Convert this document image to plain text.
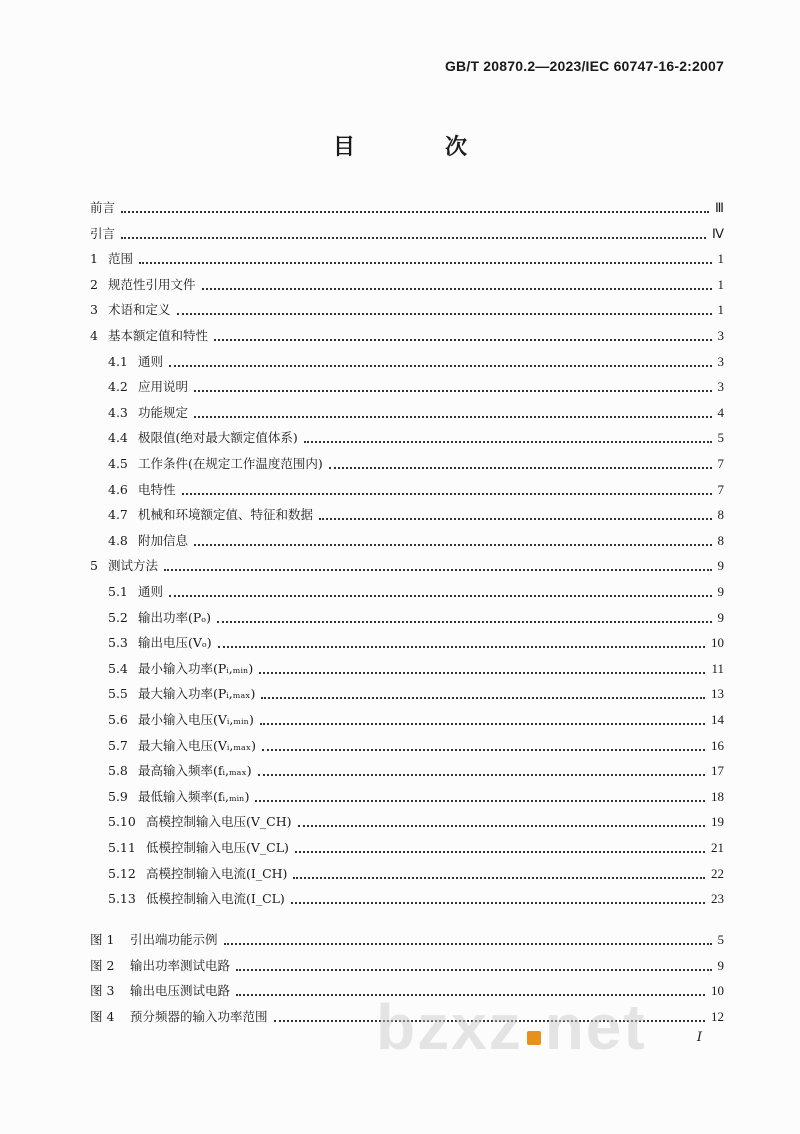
GB/T 20870.2—2023/IEC 60747-16-2:2007
目　次
前言	Ⅲ
引言	Ⅳ
1 范围	1
2 规范性引用文件	1
3 术语和定义	1
4 基本额定值和特性	3
4.1 通则	3
4.2 应用说明	3
4.3 功能规定	4
4.4 极限值(绝对最大额定值体系)	5
4.5 工作条件(在规定工作温度范围内)	7
4.6 电特性	7
4.7 机械和环境额定值、特征和数据	8
4.8 附加信息	8
5 测试方法	9
5.1 通则	9
5.2 输出功率(Pₒ)	9
5.3 输出电压(Vₒ)	10
5.4 最小输入功率(Pᵢ,ₘᵢₙ)	11
5.5 最大输入功率(Pᵢ,ₘₐₓ)	13
5.6 最小输入电压(Vᵢ,ₘᵢₙ)	14
5.7 最大输入电压(Vᵢ,ₘₐₓ)	16
5.8 最高输入频率(fᵢ,ₘₐₓ)	17
5.9 最低输入频率(fᵢ,ₘᵢₙ)	18
5.10 高模控制输入电压(V_CH)	19
5.11 低模控制输入电压(V_CL)	21
5.12 高模控制输入电流(I_CH)	22
5.13 低模控制输入电流(I_CL)	23
图 1 引出端功能示例	5
图 2 输出功率测试电路	9
图 3 输出电压测试电路	10
图 4 预分频器的输入功率范围	12
I
bzxz net
